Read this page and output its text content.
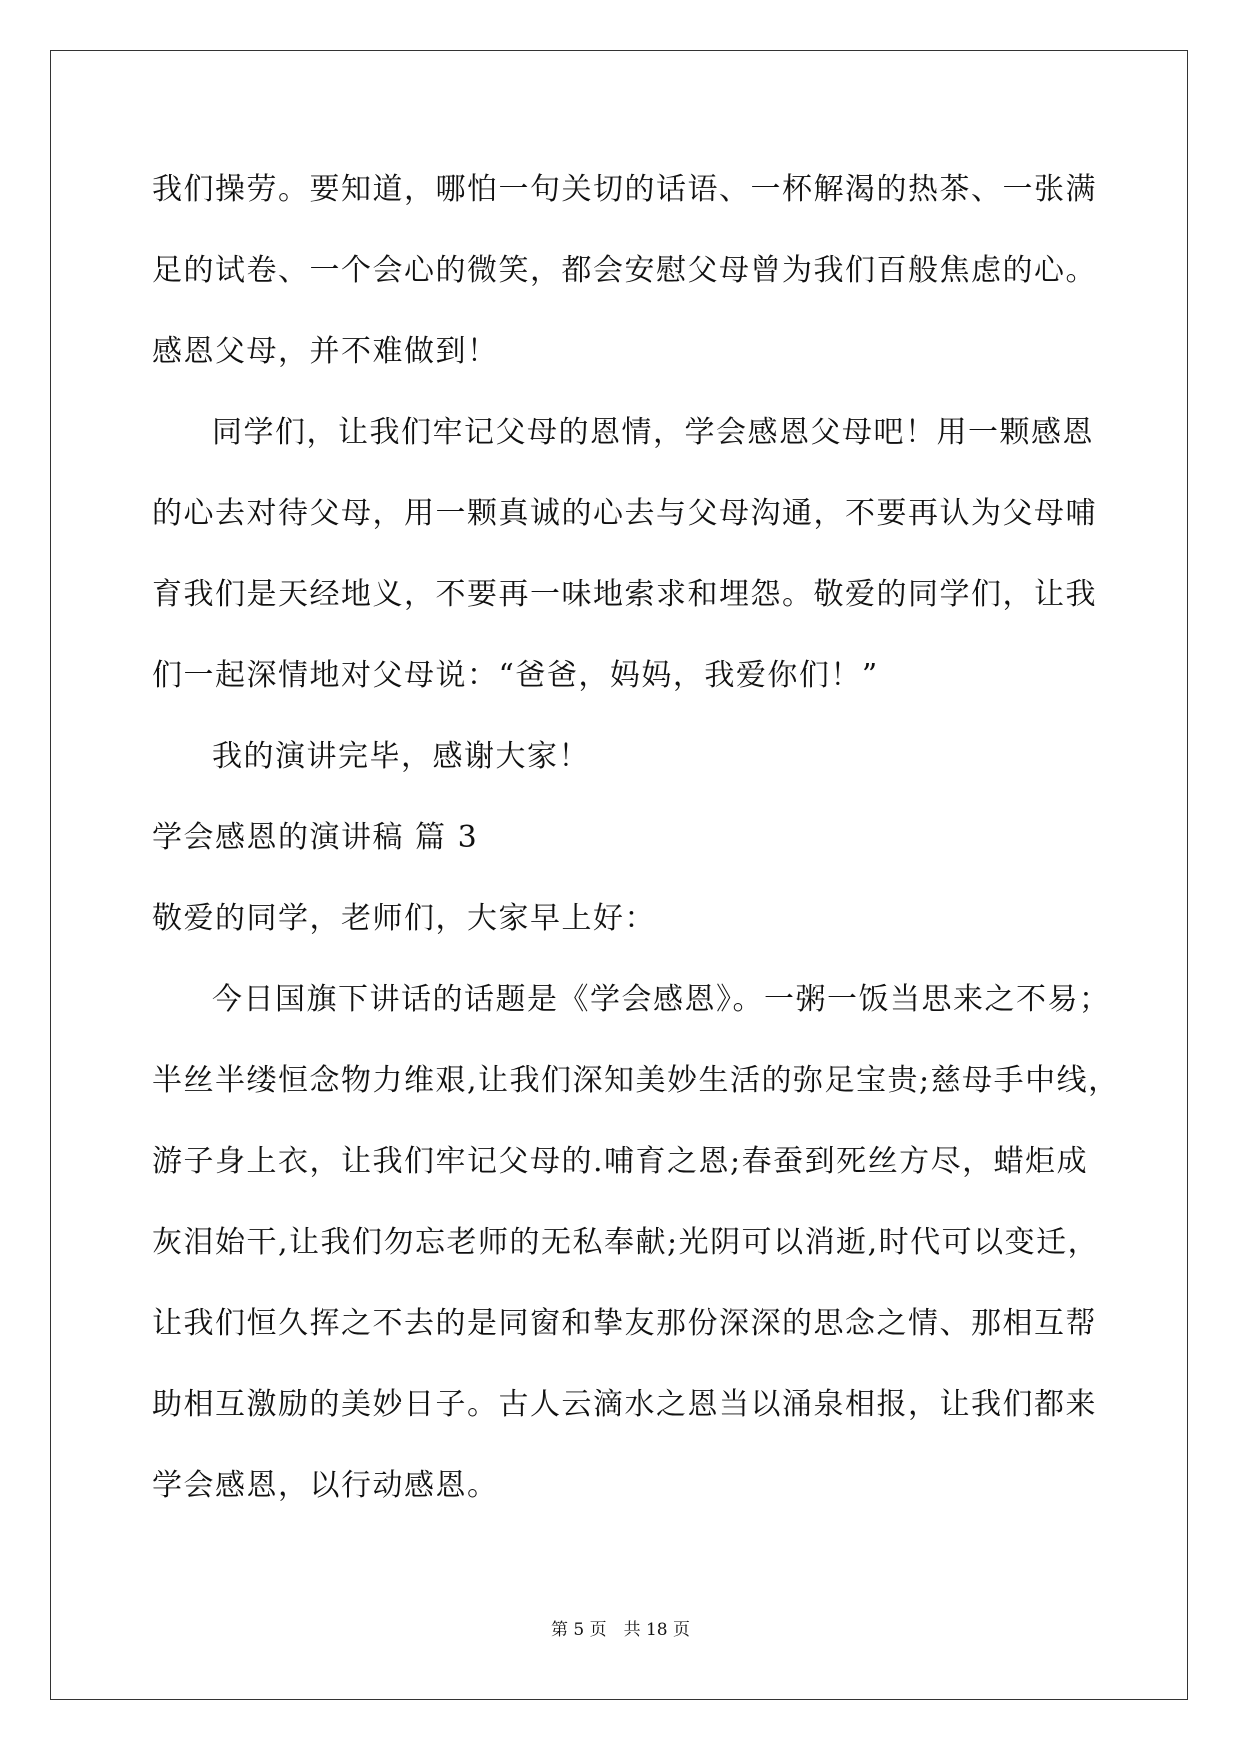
我们操劳。要知道，哪怕一句关切的话语、一杯解渴的热茶、一张满
足的试卷、一个会心的微笑，都会安慰父母曾为我们百般焦虑的心。
感恩父母，并不难做到！
同学们，让我们牢记父母的恩情，学会感恩父母吧！用一颗感恩
的心去对待父母，用一颗真诚的心去与父母沟通，不要再认为父母哺
育我们是天经地义，不要再一味地索求和埋怨。敬爱的同学们，让我
们一起深情地对父母说：“爸爸，妈妈，我爱你们！”
我的演讲完毕，感谢大家！
学会感恩的演讲稿 篇 3
敬爱的同学，老师们，大家早上好：
今日国旗下讲话的话题是《学会感恩》。一粥一饭当思来之不易；
半丝半缕恒念物力维艰,让我们深知美妙生活的弥足宝贵;慈母手中线，
游子身上衣，让我们牢记父母的.哺育之恩;春蚕到死丝方尽，蜡炬成
灰泪始干,让我们勿忘老师的无私奉献;光阴可以消逝,时代可以变迁，
让我们恒久挥之不去的是同窗和挚友那份深深的思念之情、那相互帮
助相互激励的美妙日子。古人云滴水之恩当以涌泉相报，让我们都来
学会感恩，以行动感恩。
第 5 页　共 18 页
